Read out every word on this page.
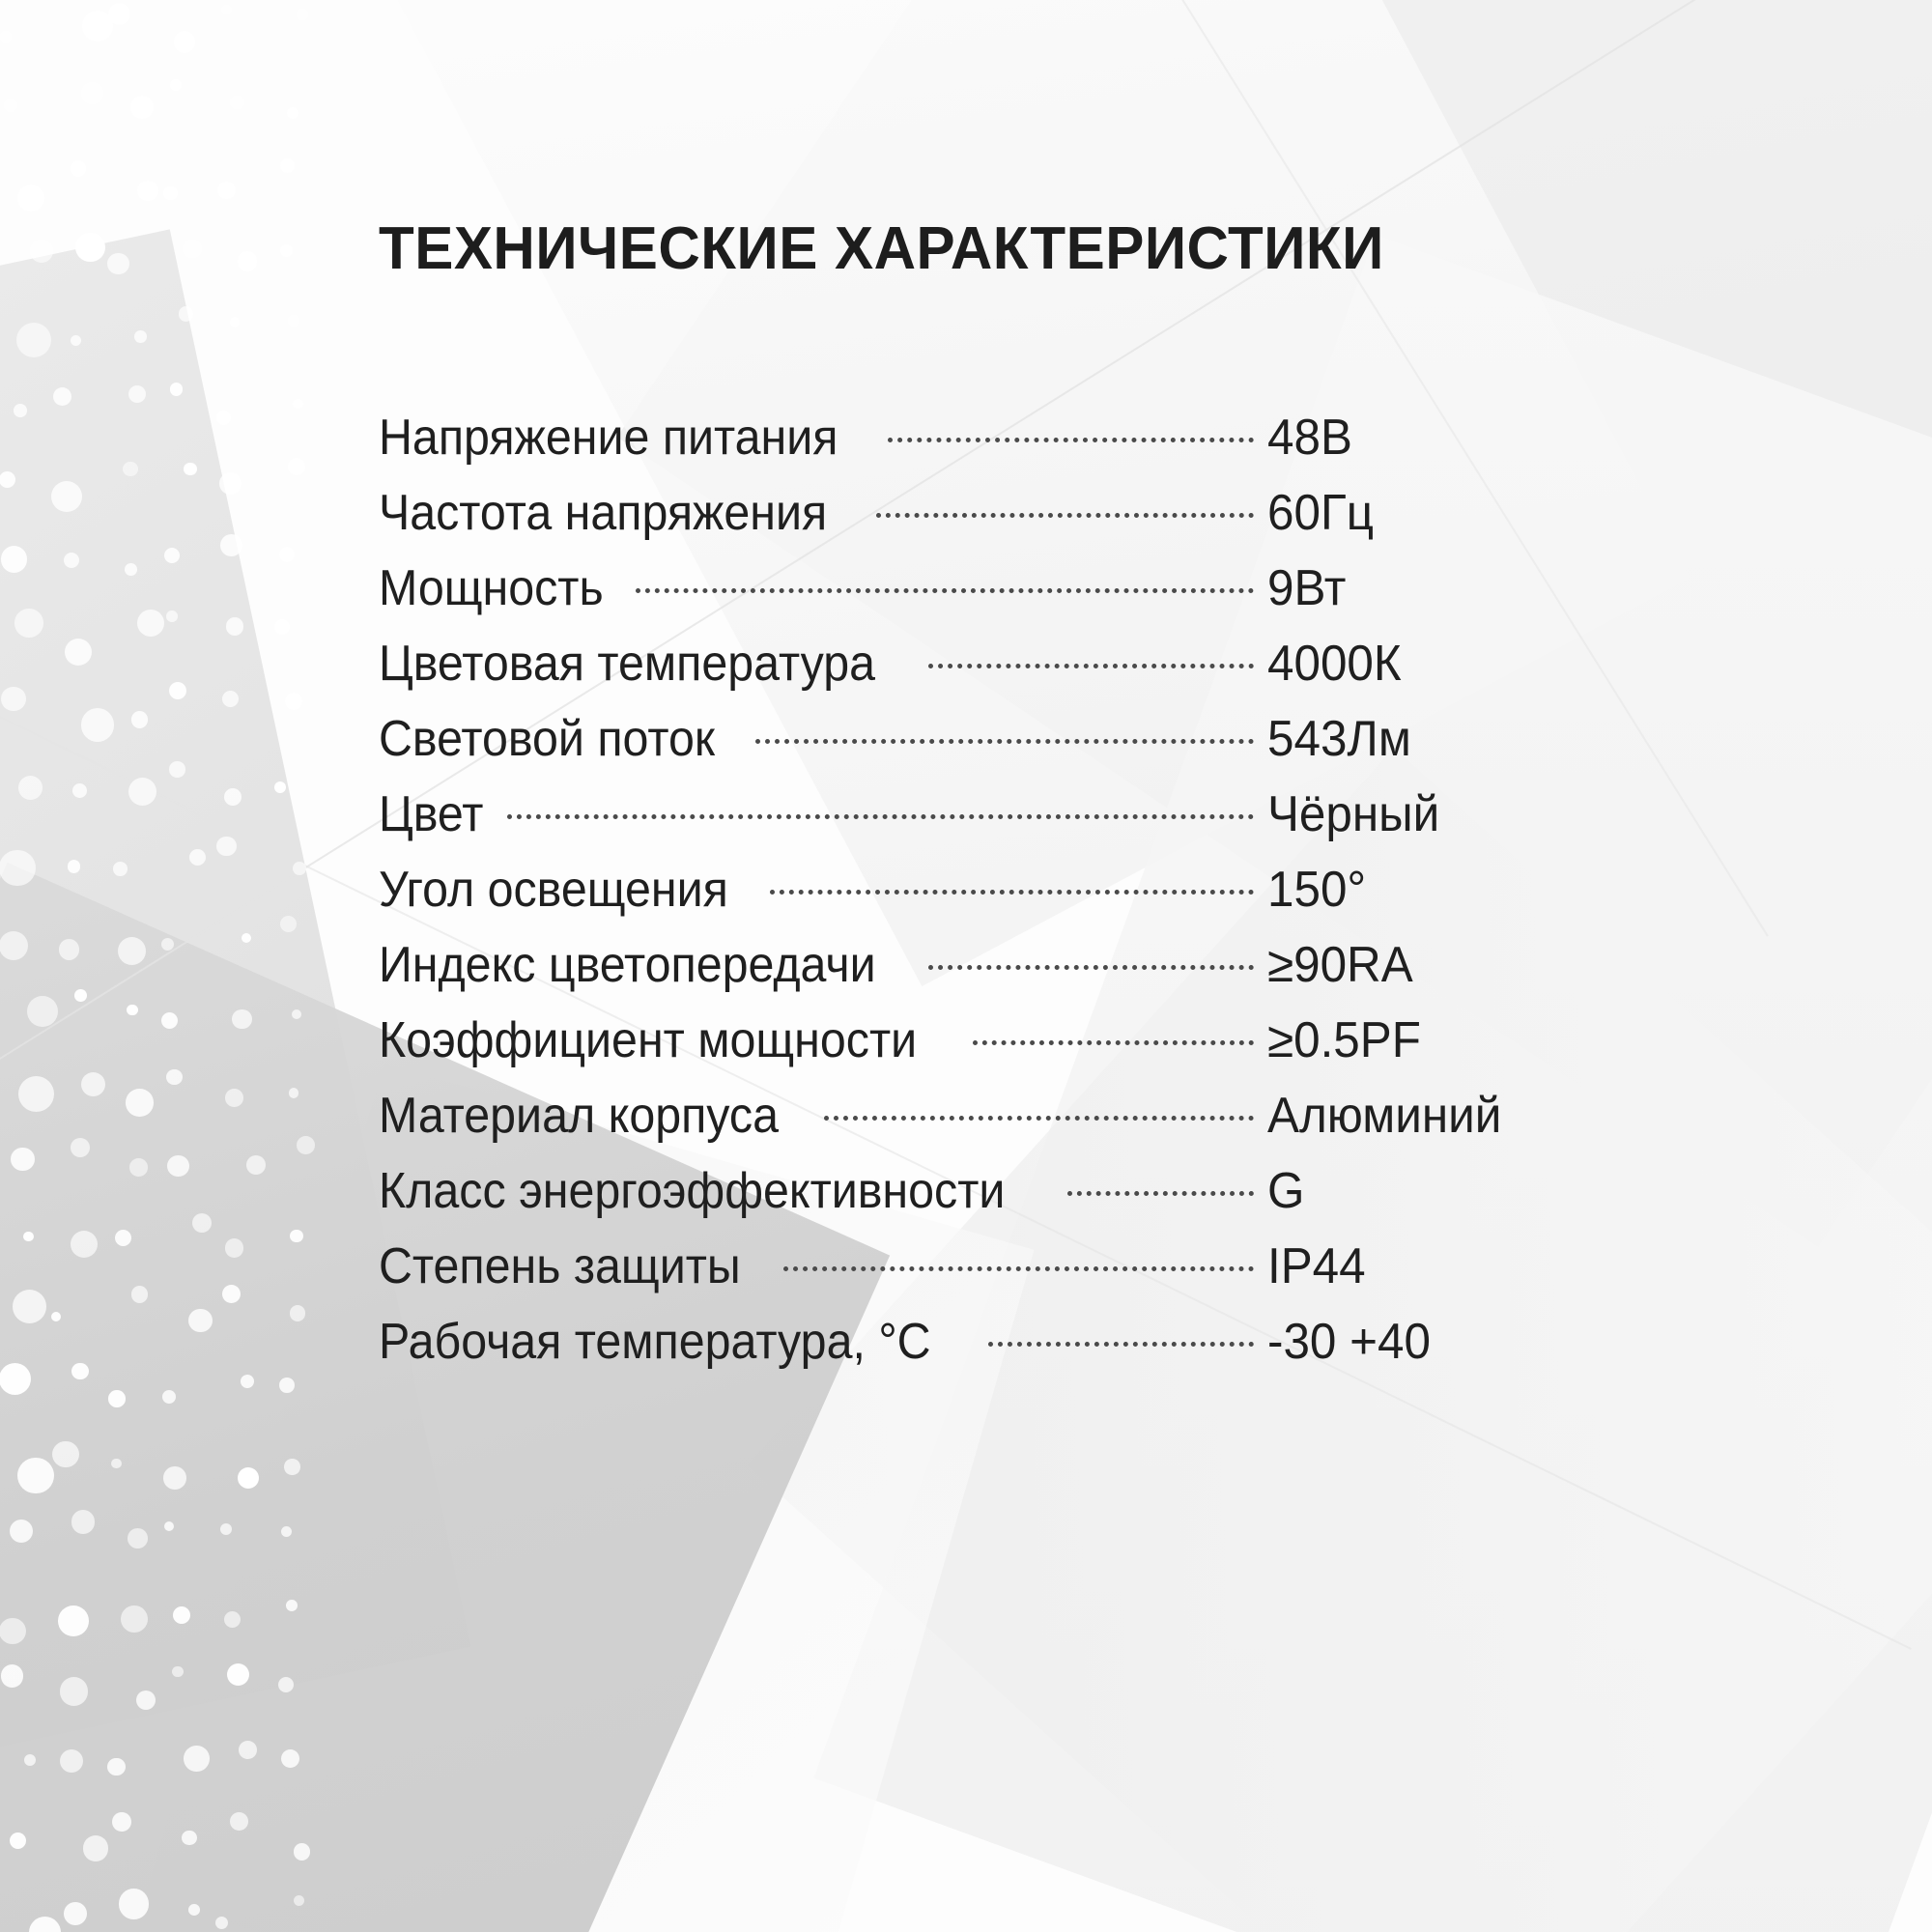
ТЕХНИЧЕСКИЕ ХАРАКТЕРИСТИКИ
Напряжение питания	48В
Частота напряжения	60Гц
Мощность	9Вт
Цветовая температура	4000К
Световой поток	543Лм
Цвет	Чёрный
Угол освещения	150°
Индекс цветопередачи	≥90RA
Коэффициент мощности	≥0.5PF
Материал корпуса	Алюминий
Класс энергоэффективности	G
Степень защиты	IP44
Рабочая температура, °C	-30 +40
